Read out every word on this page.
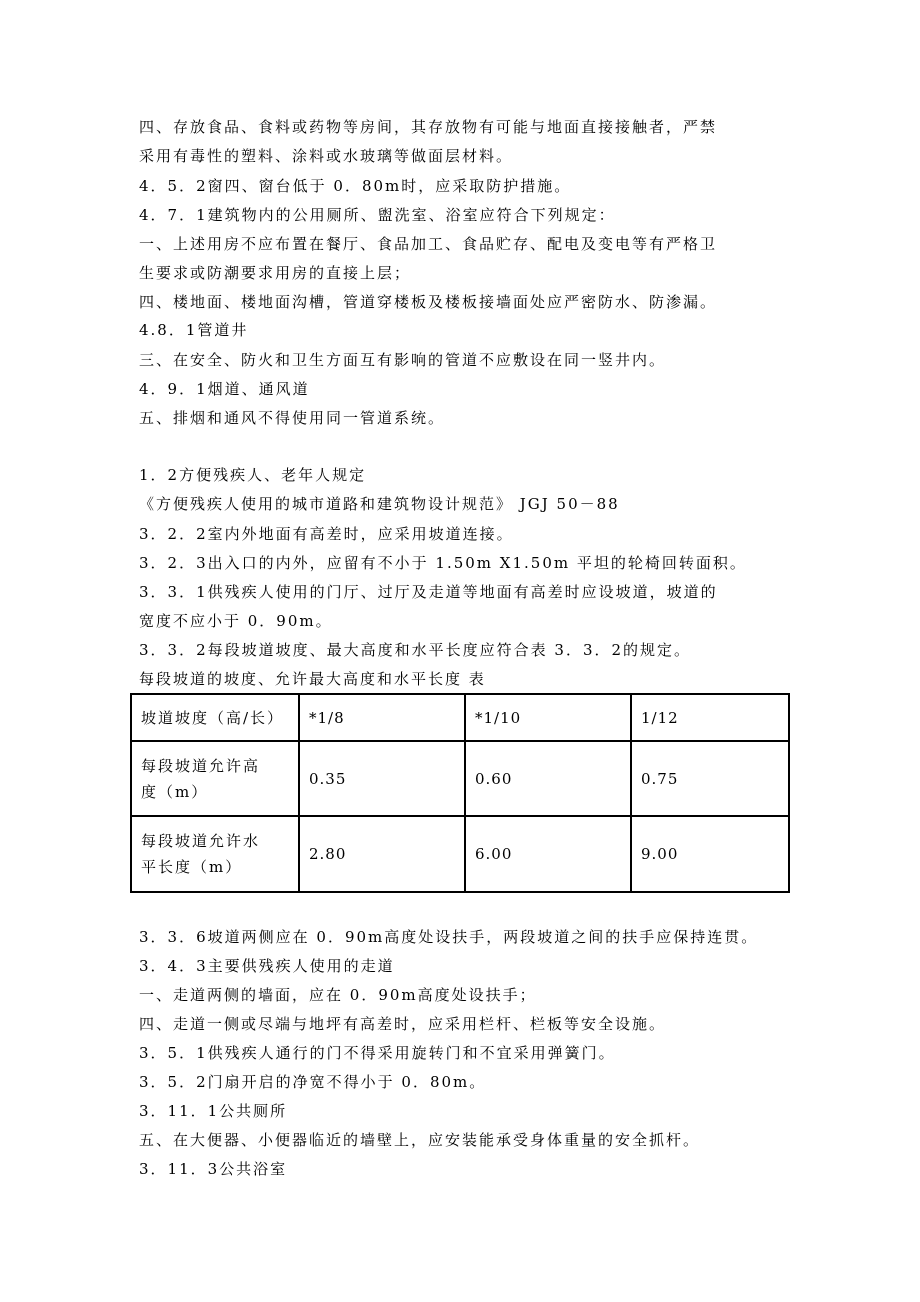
四、存放食品、食料或药物等房间，其存放物有可能与地面直接接触者，严禁
采用有毒性的塑料、涂料或水玻璃等做面层材料。
4．5．2窗四、窗台低于 0．80m时，应采取防护措施。
4．7．1建筑物内的公用厕所、盥洗室、浴室应符合下列规定：
一、上述用房不应布置在餐厅、食品加工、食品贮存、配电及变电等有严格卫
生要求或防潮要求用房的直接上层；
四、楼地面、楼地面沟槽，管道穿楼板及楼板接墙面处应严密防水、防渗漏。
4.8．1管道井
三、在安全、防火和卫生方面互有影响的管道不应敷设在同一竖井内。
4．9．1烟道、通风道
五、排烟和通风不得使用同一管道系统。
1．2方便残疾人、老年人规定
《方便残疾人使用的城市道路和建筑物设计规范》 JGJ 50－88
3．2．2室内外地面有高差时，应采用坡道连接。
3．2．3出入口的内外，应留有不小于 1.50m X1.50m 平坦的轮椅回转面积。
3．3．1供残疾人使用的门厅、过厅及走道等地面有高差时应设坡道，坡道的
宽度不应小于 0．90m。
3．3．2每段坡道坡度、最大高度和水平长度应符合表 3．3．2的规定。
每段坡道的坡度、允许最大高度和水平长度 表
坡道坡度（高/长）	*1/8	*1/10	1/12

每段坡道允许高
度（m）	0.35	0.60	0.75

每段坡道允许水
平长度（m）	2.80	6.00	9.00
3．3．6坡道两侧应在 0．90m高度处设扶手，两段坡道之间的扶手应保持连贯。
3．4．3主要供残疾人使用的走道
一、走道两侧的墙面，应在 0．90m高度处设扶手；
四、走道一侧或尽端与地坪有高差时，应采用栏杆、栏板等安全设施。
3．5．1供残疾人通行的门不得采用旋转门和不宜采用弹簧门。
3．5．2门扇开启的净宽不得小于 0．80m。
3．11．1公共厕所
五、在大便器、小便器临近的墙壁上，应安装能承受身体重量的安全抓杆。
3．11．3公共浴室
